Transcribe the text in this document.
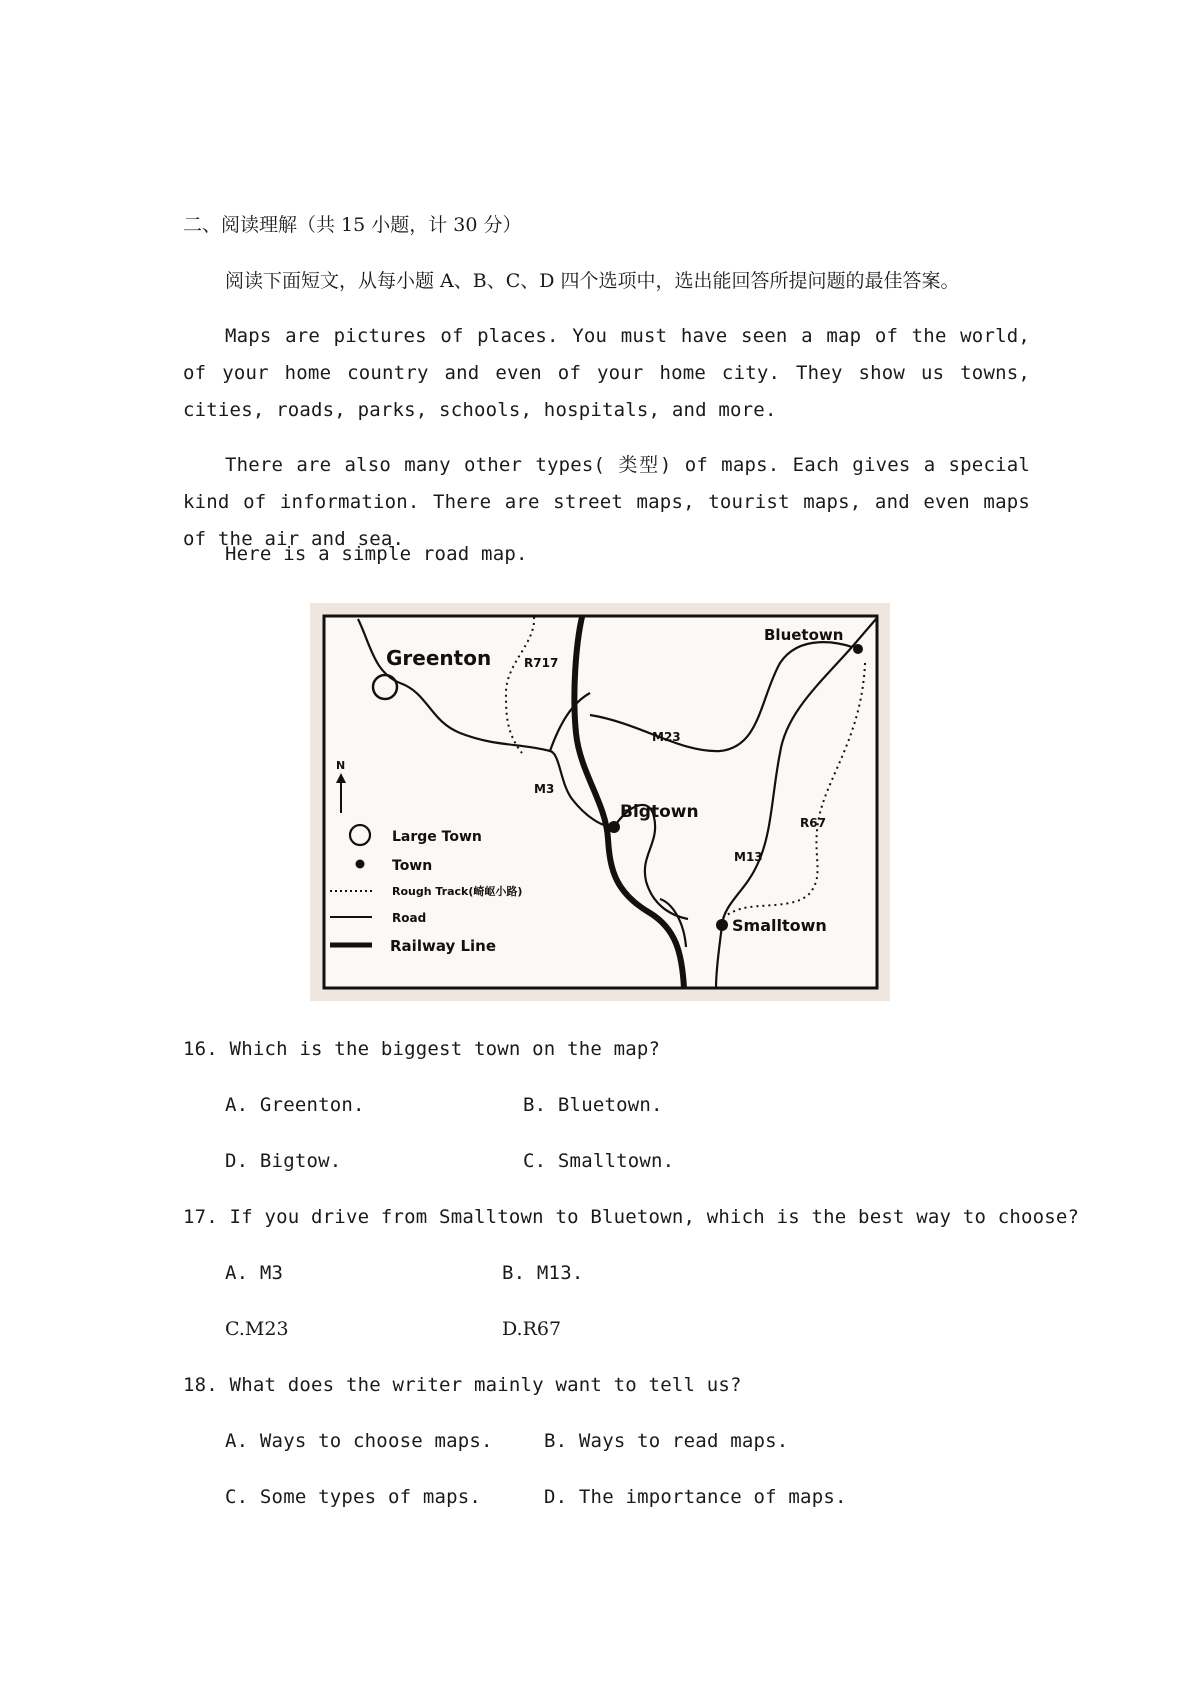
二、阅读理解（共 15 小题，计 30 分）
阅读下面短文，从每小题 A、B、C、D 四个选项中，选出能回答所提问题的最佳答案。
Maps are pictures of places. You must have seen a map of the world, of your home country and even of your home city. They show us towns, cities, roads, parks, schools, hospitals, and more.
There are also many other types( 类型) of maps. Each gives a special kind of information. There are street maps, tourist maps, and even maps of the air and sea.
Here is a simple road map.
Greenton
Bluetown
Bigtown
Smalltown
R717
M23
M3
M13
R67
N
Large Town
Town
Rough Track(崎岖小路)
Road
Railway Line
16. Which is the biggest town on the map?
A. Greenton.	B. Bluetown.
D. Bigtow.	C. Smalltown.
17. If you drive from Smalltown to Bluetown, which is the best way to choose?
A. M3	B. M13.
C.M23	D.R67
18. What does the writer mainly want to tell us?
A. Ways to choose maps.	B. Ways to read maps.
C. Some types of maps.	D. The importance of maps.
